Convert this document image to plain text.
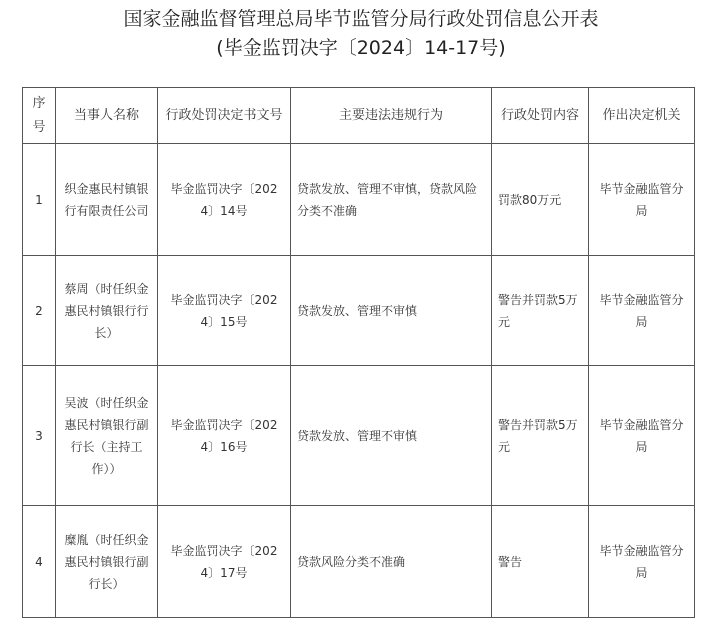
国家金融监督管理总局毕节监管分局行政处罚信息公开表
(毕金监罚决字〔2024〕14-17号)
序号	当事人名称	行政处罚决定书文号	主要违法违规行为	行政处罚内容	作出决定机关
1	织金惠民村镇银行有限责任公司	毕金监罚决字〔2024〕14号	贷款发放、管理不审慎，贷款风险分类不准确	罚款80万元	毕节金融监管分局
2	蔡周（时任织金惠民村镇银行行长）	毕金监罚决字〔2024〕15号	贷款发放、管理不审慎	警告并罚款5万元	毕节金融监管分局
3	吴波（时任织金惠民村镇银行副行长（主持工作））	毕金监罚决字〔2024〕16号	贷款发放、管理不审慎	警告并罚款5万元	毕节金融监管分局
4	糜胤（时任织金惠民村镇银行副行长）	毕金监罚决字〔2024〕17号	贷款风险分类不准确	警告	毕节金融监管分局
